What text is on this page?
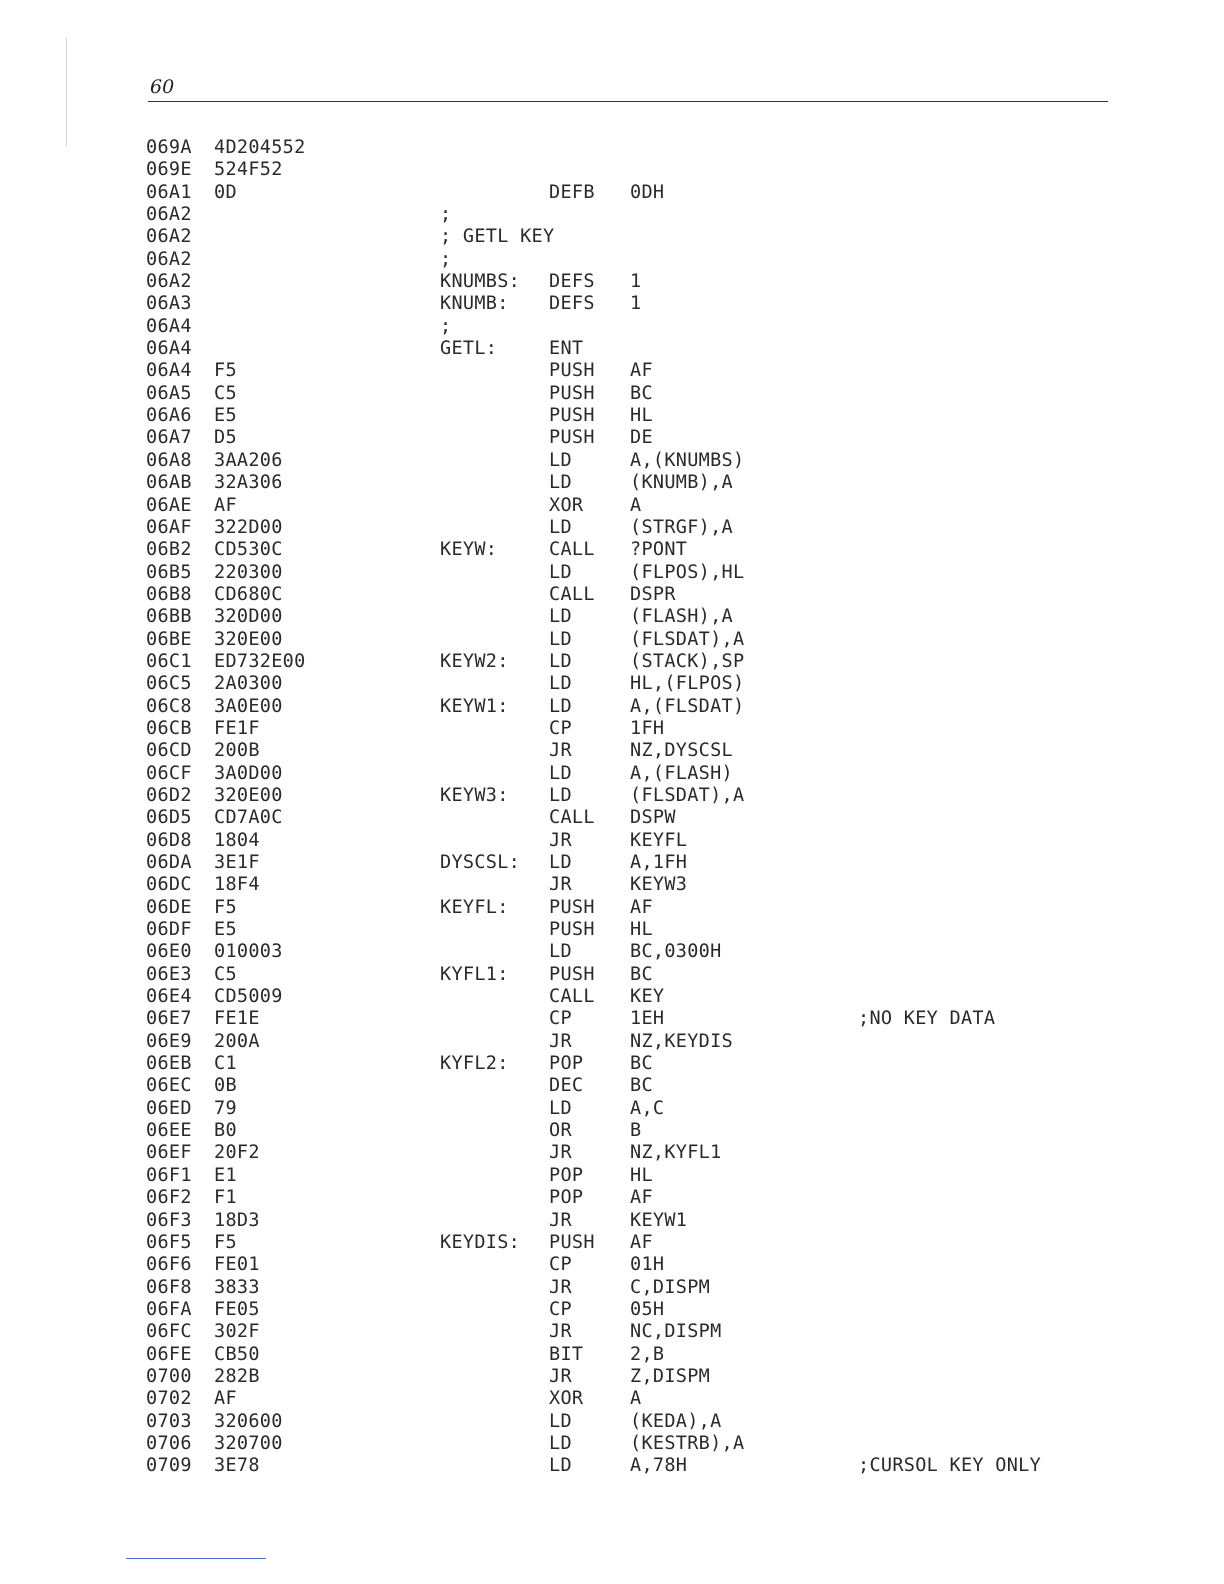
60
069A 4D204552
069E 524F52
06A1 0D	DEFB 0DH
06A2	;
06A2	; GETL KEY
06A2	;
06A2	KNUMBS: DEFS 1
06A3	KNUMB: DEFS 1
06A4	;
06A4	GETL:	ENT
06A4 F5	PUSH AF
06A5 C5	PUSH BC
06A6 E5	PUSH HL
06A7 D5	PUSH DE
06A8 3AA206	LD	A,(KNUMBS)
06AB 32A306	LD	(KNUMB),A
06AE AF	XOR	A
06AF 322D00	LD	(STRGF),A
06B2 CD530C	KEYW:	CALL ?PONT
06B5 220300	LD	(FLPOS),HL
06B8 CD680C	CALL DSPR
06BB 320D00	LD	(FLASH),A
06BE 320E00	LD	(FLSDAT),A
06C1 ED732E00	KEYW2: LD	(STACK),SP
06C5 2A0300	LD	HL,(FLPOS)
06C8 3A0E00	KEYW1: LD	A,(FLSDAT)
06CB FE1F	CP	1FH
06CD 200B	JR	NZ,DYSCSL
06CF 3A0D00	LD	A,(FLASH)
06D2 320E00	KEYW3: LD	(FLSDAT),A
06D5 CD7A0C	CALL DSPW
06D8 1804	JR	KEYFL
06DA 3E1F	DYSCSL: LD	A,1FH
06DC 18F4	JR	KEYW3
06DE F5	KEYFL: PUSH AF
06DF E5	PUSH HL
06E0 010003	LD	BC,0300H
06E3 C5	KYFL1: PUSH BC
06E4 CD5009	CALL KEY
06E7 FE1E	CP	1EH	;NO KEY DATA
06E9 200A	JR	NZ,KEYDIS
06EB C1	KYFL2: POP	BC
06EC 0B	DEC	BC
06ED 79	LD	A,C
06EE B0	OR	B
06EF 20F2	JR	NZ,KYFL1
06F1 E1	POP	HL
06F2 F1	POP	AF
06F3 18D3	JR	KEYW1
06F5 F5	KEYDIS: PUSH AF
06F6 FE01	CP	01H
06F8 3833	JR	C,DISPM
06FA FE05	CP	05H
06FC 302F	JR	NC,DISPM
06FE CB50	BIT	2,B
0700 282B	JR	Z,DISPM
0702 AF	XOR	A
0703 320600	LD	(KEDA),A
0706 320700	LD	(KESTRB),A
0709 3E78	LD	A,78H	;CURSOL KEY ONLY
